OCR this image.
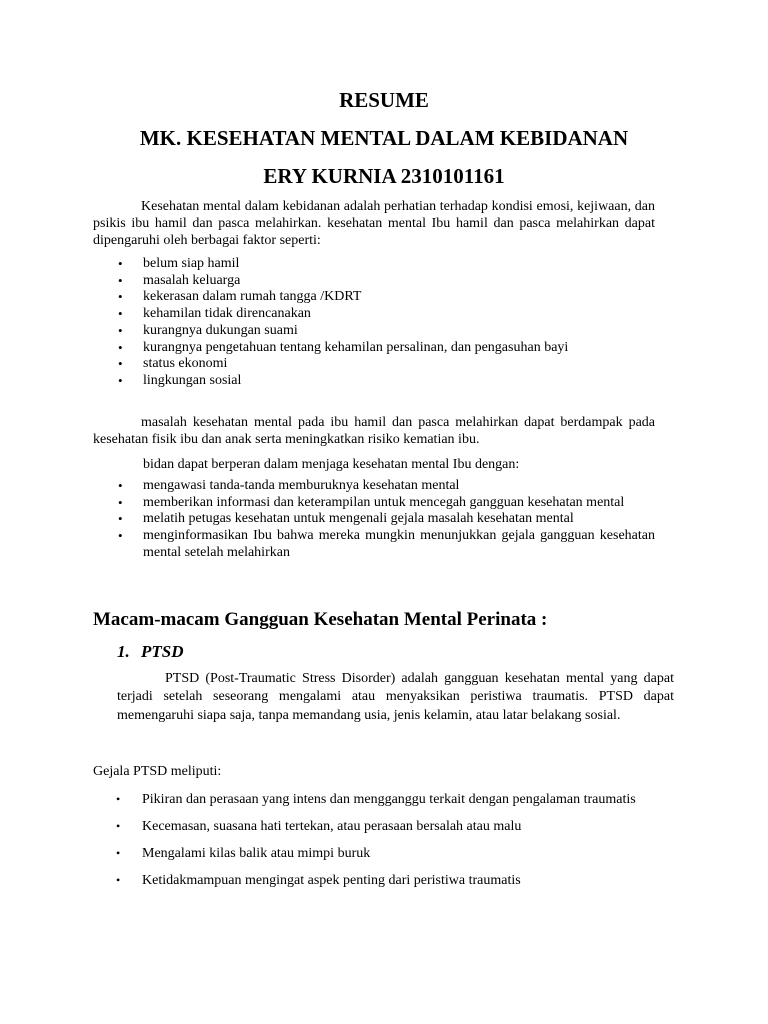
RESUME
MK. KESEHATAN MENTAL DALAM KEBIDANAN
ERY KURNIA 2310101161

Kesehatan mental dalam kebidanan adalah perhatian terhadap kondisi emosi, kejiwaan, dan psikis ibu hamil dan pasca melahirkan. kesehatan mental Ibu hamil dan pasca melahirkan dapat dipengaruhi oleh berbagai faktor seperti:

• belum siap hamil
• masalah keluarga
• kekerasan dalam rumah tangga /KDRT
• kehamilan tidak direncanakan
• kurangnya dukungan suami
• kurangnya pengetahuan tentang kehamilan persalinan, dan pengasuhan bayi
• status ekonomi
• lingkungan sosial

masalah kesehatan mental pada ibu hamil dan pasca melahirkan dapat berdampak pada kesehatan fisik ibu dan anak serta meningkatkan risiko kematian ibu.

bidan dapat berperan dalam menjaga kesehatan mental Ibu dengan:

• mengawasi tanda-tanda memburuknya kesehatan mental
• memberikan informasi dan keterampilan untuk mencegah gangguan kesehatan mental
• melatih petugas kesehatan untuk mengenali gejala masalah kesehatan mental
• menginformasikan Ibu bahwa mereka mungkin menunjukkan gejala gangguan kesehatan mental setelah melahirkan
Macam-macam Gangguan Kesehatan Mental Perinata :
1. PTSD

PTSD (Post-Traumatic Stress Disorder) adalah gangguan kesehatan mental yang dapat terjadi setelah seseorang mengalami atau menyaksikan peristiwa traumatis. PTSD dapat memengaruhi siapa saja, tanpa memandang usia, jenis kelamin, atau latar belakang sosial.

Gejala PTSD meliputi:

• Pikiran dan perasaan yang intens dan mengganggu terkait dengan pengalaman traumatis
• Kecemasan, suasana hati tertekan, atau perasaan bersalah atau malu
• Mengalami kilas balik atau mimpi buruk
• Ketidakmampuan mengingat aspek penting dari peristiwa traumatis
